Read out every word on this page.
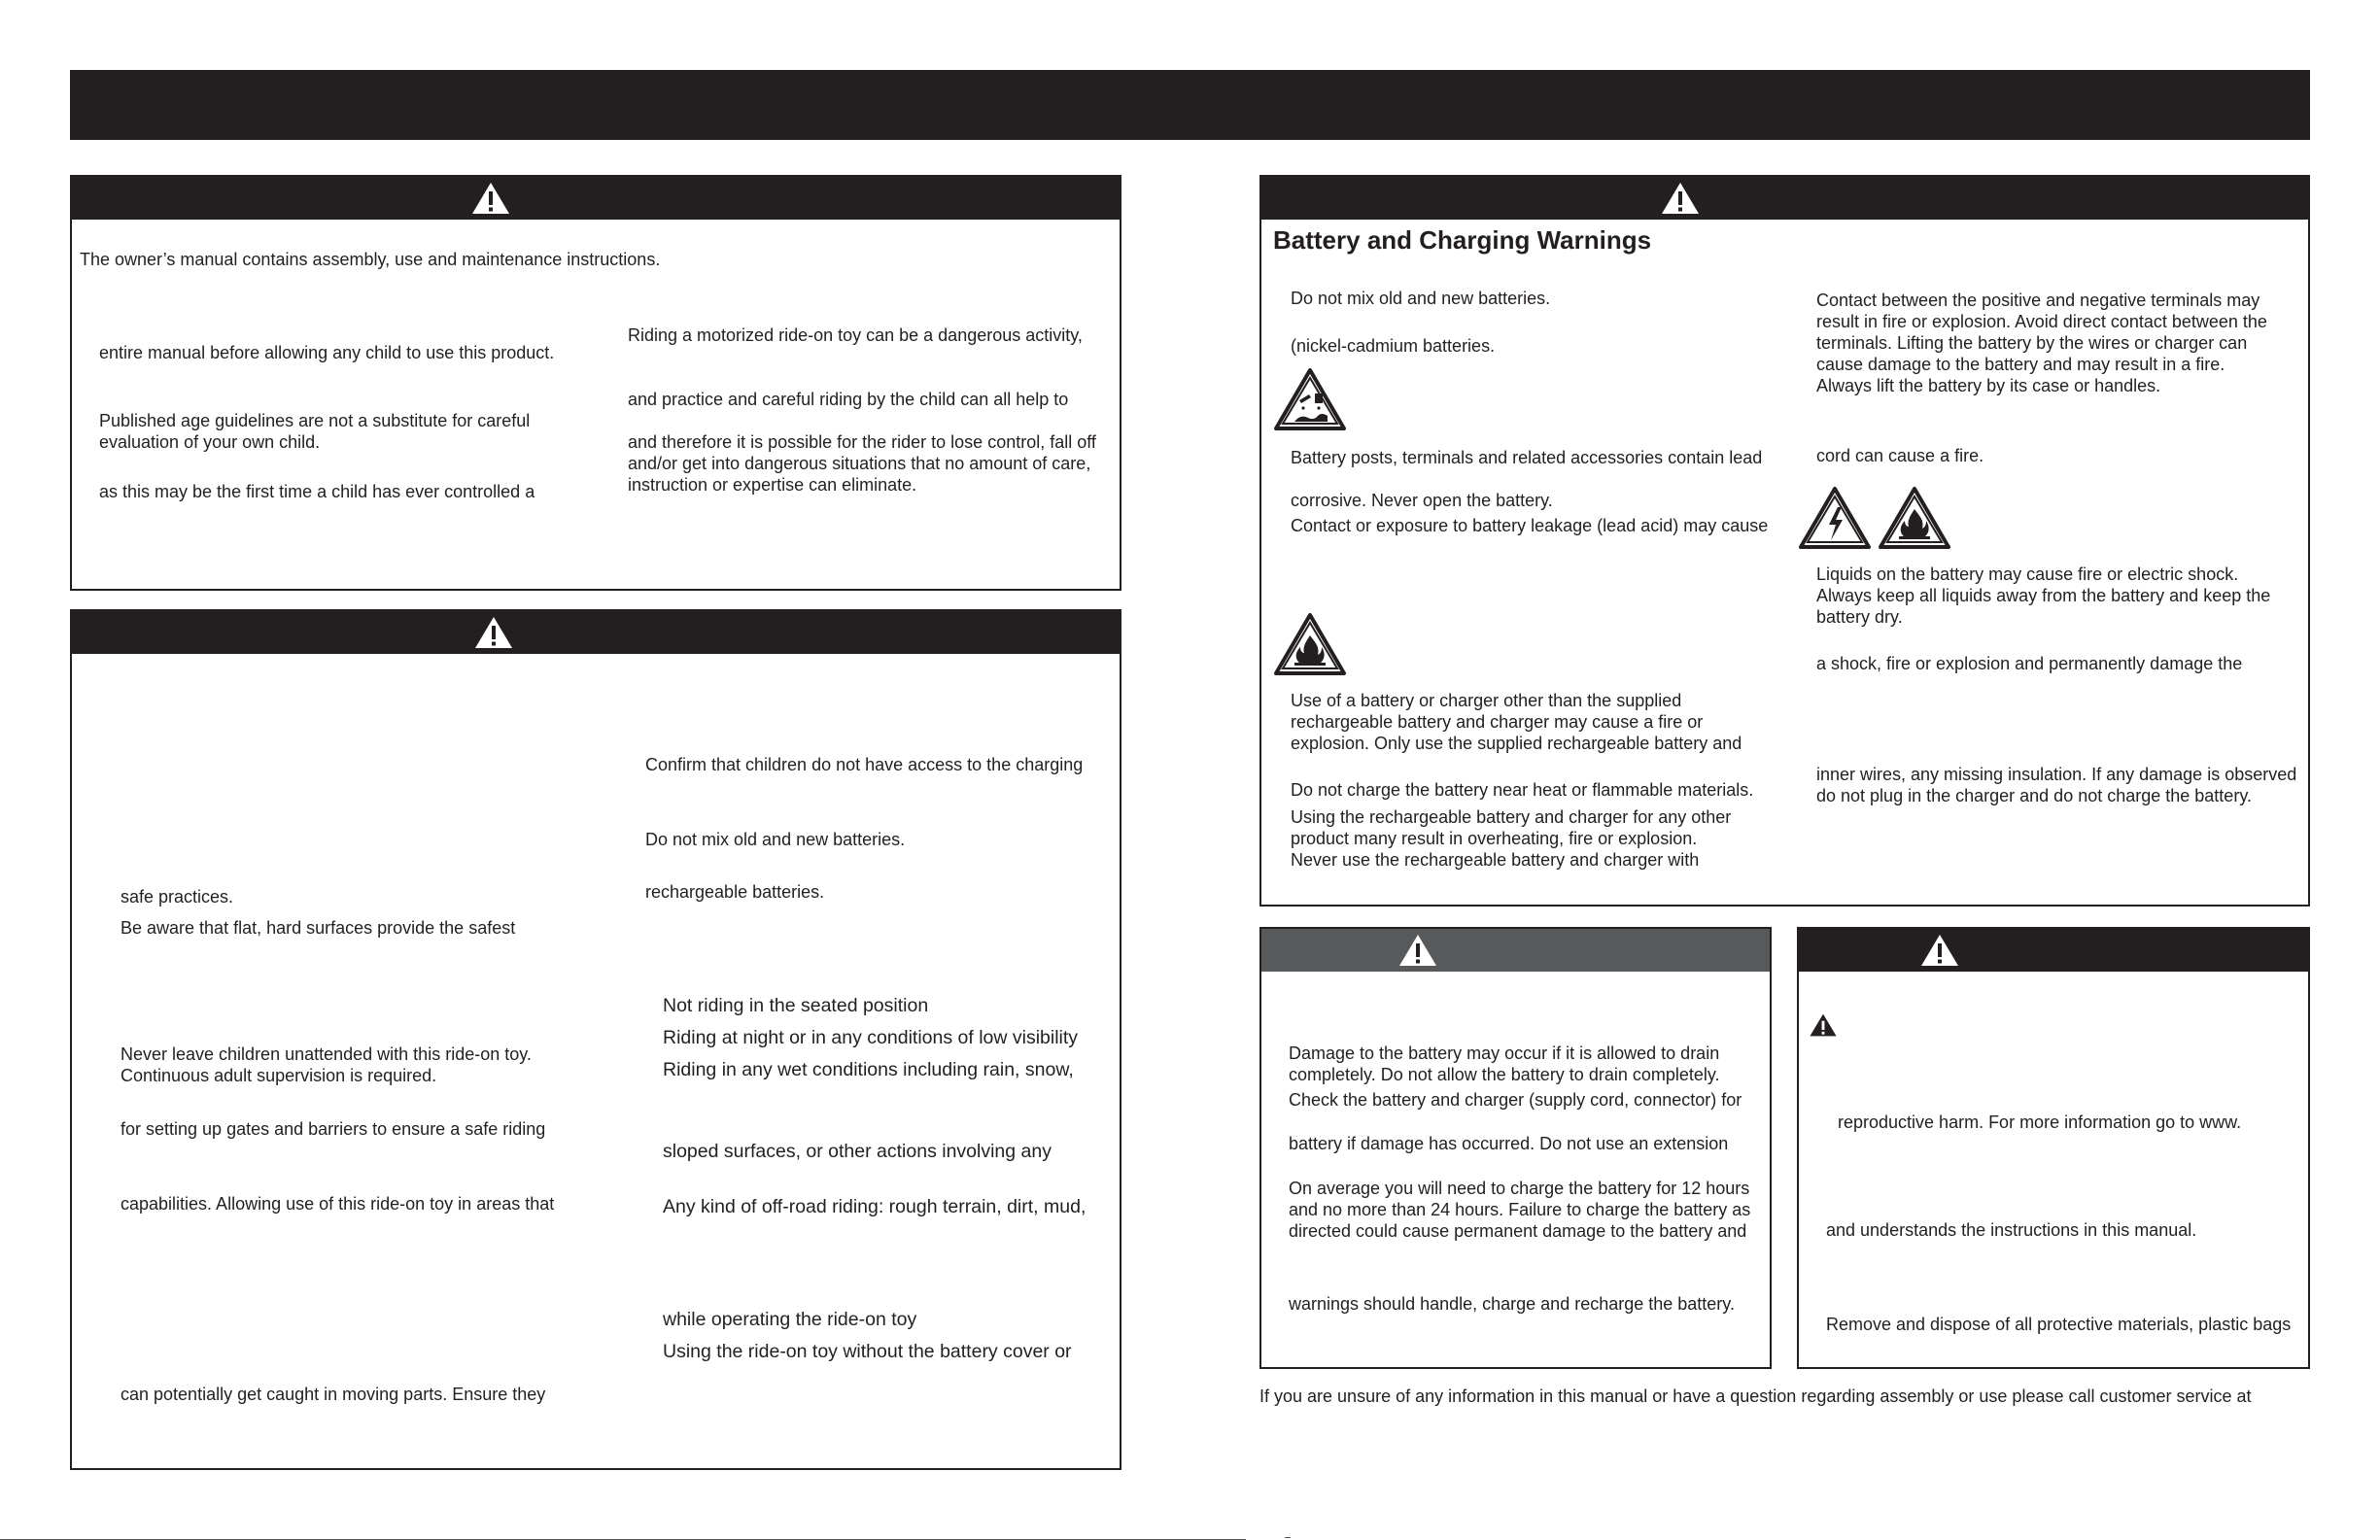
The owner’s manual contains assembly, use and maintenance instructions.
entire manual before allowing any child to use this product.
Published age guidelines are not a substitute for careful
evaluation of your own child.
as this may be the first time a child has ever controlled a
Riding a motorized ride-on toy can be a dangerous activity,
and practice and careful riding by the child can all help to
and therefore it is possible for the rider to lose control, fall off
and/or get into dangerous situations that no amount of care,
instruction or expertise can eliminate.
safe practices.
Be aware that flat, hard surfaces provide the safest
Never leave children unattended with this ride-on toy.
Continuous adult supervision is required.
for setting up gates and barriers to ensure a safe riding
capabilities. Allowing use of this ride-on toy in areas that
can potentially get caught in moving parts. Ensure they
Confirm that children do not have access to the charging
Do not mix old and new batteries.
rechargeable batteries.
Not riding in the seated position
Riding at night or in any conditions of low visibility
Riding in any wet conditions including rain, snow,
sloped surfaces, or other actions involving any
Any kind of off-road riding: rough terrain, dirt, mud,
while operating the ride-on toy
Using the ride-on toy without the battery cover or
Battery and Charging Warnings
Do not mix old and new batteries.
(nickel-cadmium batteries.
Battery posts, terminals and related accessories contain lead
corrosive. Never open the battery.
Contact or exposure to battery leakage (lead acid) may cause
Use of a battery or charger other than the supplied
rechargeable battery and charger may cause a fire or
explosion. Only use the supplied rechargeable battery and
Do not charge the battery near heat or flammable materials.
Using the rechargeable battery and charger for any other
product many result in overheating, fire or explosion.
Never use the rechargeable battery and charger with
Contact between the positive and negative terminals may
result in fire or explosion. Avoid direct contact between the
terminals. Lifting the battery by the wires or charger can
cause damage to the battery and may result in a fire.
Always lift the battery by its case or handles.
cord can cause a fire.
Liquids on the battery may cause fire or electric shock.
Always keep all liquids away from the battery and keep the
battery dry.
a shock, fire or explosion and permanently damage the
inner wires, any missing insulation. If any damage is observed
do not plug in the charger and do not charge the battery.
Damage to the battery may occur if it is allowed to drain
completely. Do not allow the battery to drain completely.
Check the battery and charger (supply cord, connector) for
battery if damage has occurred. Do not use an extension
On average you will need to charge the battery for 12 hours
and no more than 24 hours. Failure to charge the battery as
directed could cause permanent damage to the battery and
warnings should handle, charge and recharge the battery.
reproductive harm. For more information go to www.
and understands the instructions in this manual.
Remove and dispose of all protective materials, plastic bags
If you are unsure of any information in this manual or have a question regarding assembly or use please call customer service at
